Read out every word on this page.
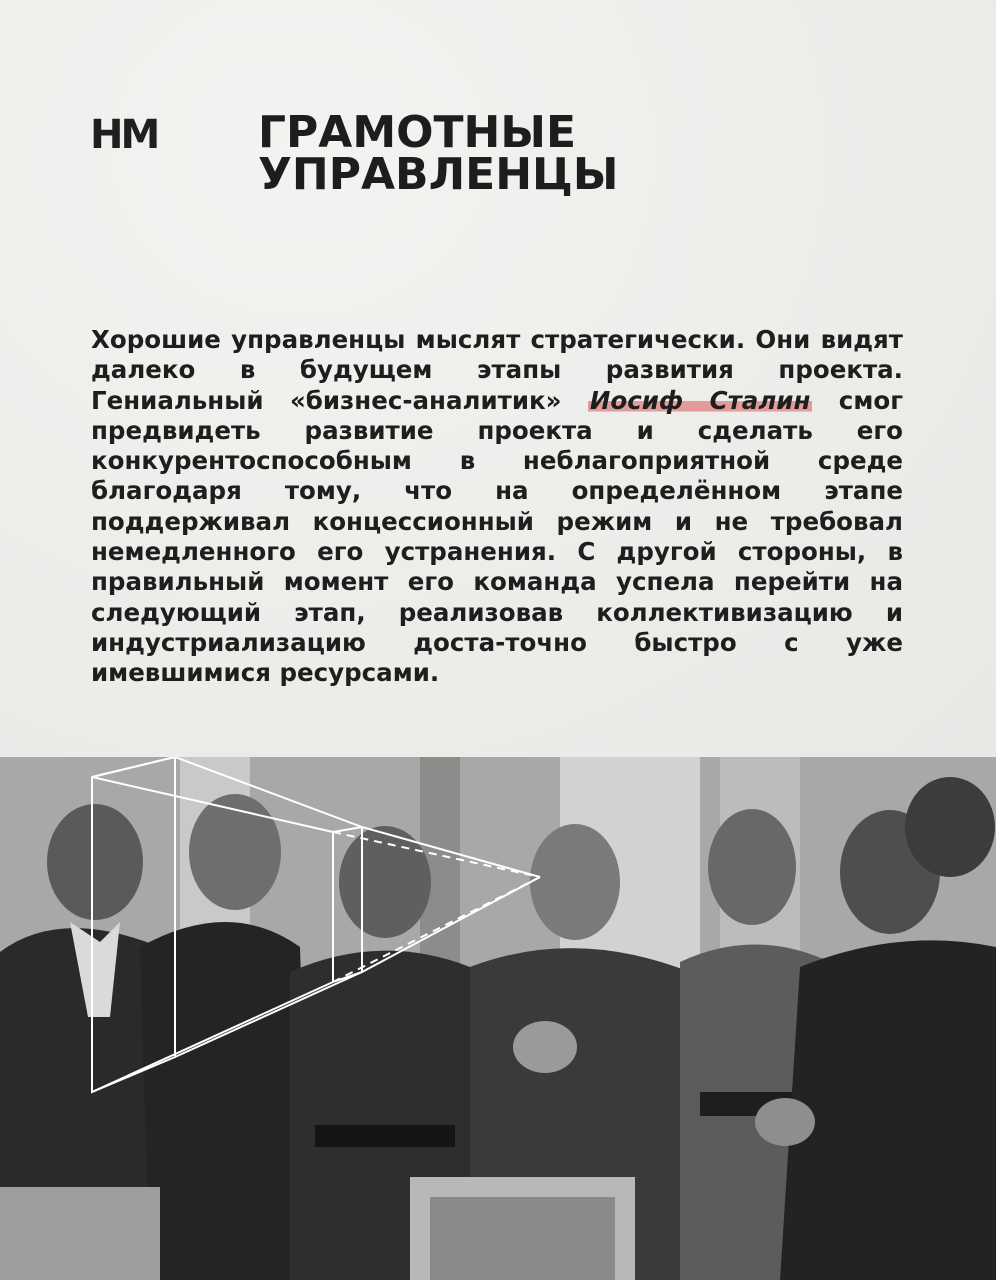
НМ ГРАМОТНЫЕ
УПРАВЛЕНЦЫ

Хорошие управленцы мыслят стратегически. Они видят далеко в будущем этапы развития проекта. Гениальный «бизнес-аналитик» Иосиф Сталин смог предвидеть развитие проекта и сделать его конкурентоспособным в неблагоприятной среде благодаря тому, что на определённом этапе поддерживал концессионный режим и не требовал немедленного его устранения. С другой стороны, в правильный момент его команда успела перейти на следующий этап, реализовав коллективизацию и индустриализацию доста-точно быстро с уже имевшимися ресурсами.
